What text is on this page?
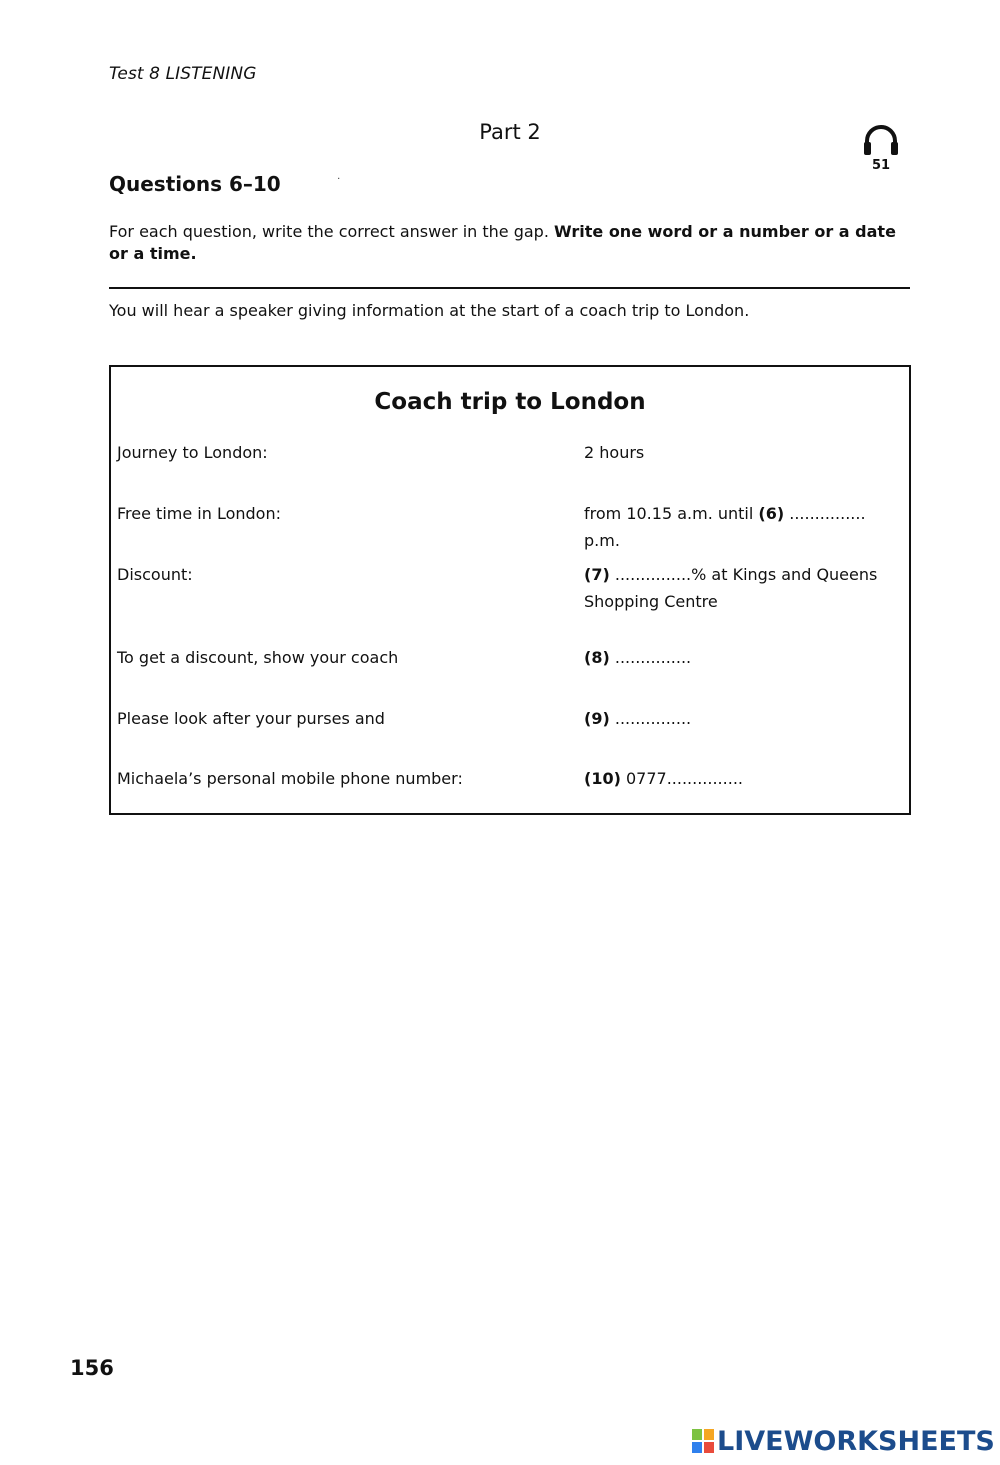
Test 8 LISTENING
Part 2
51
Questions 6–10	٠
For each question, write the correct answer in the gap. Write one word or a number or a date or a time.
You will hear a speaker giving information at the start of a coach trip to London.
Coach trip to London
Journey to London:	2 hours
Free time in London:	from 10.15 a.m. until (6) ............... p.m.
Discount:	(7) ...............% at Kings and Queens Shopping Centre
To get a discount, show your coach	(8) ...............
Please look after your purses and	(9) ...............
Michaela’s personal mobile phone number:	(10) 0777...............
156
LIVEWORKSHEETS
